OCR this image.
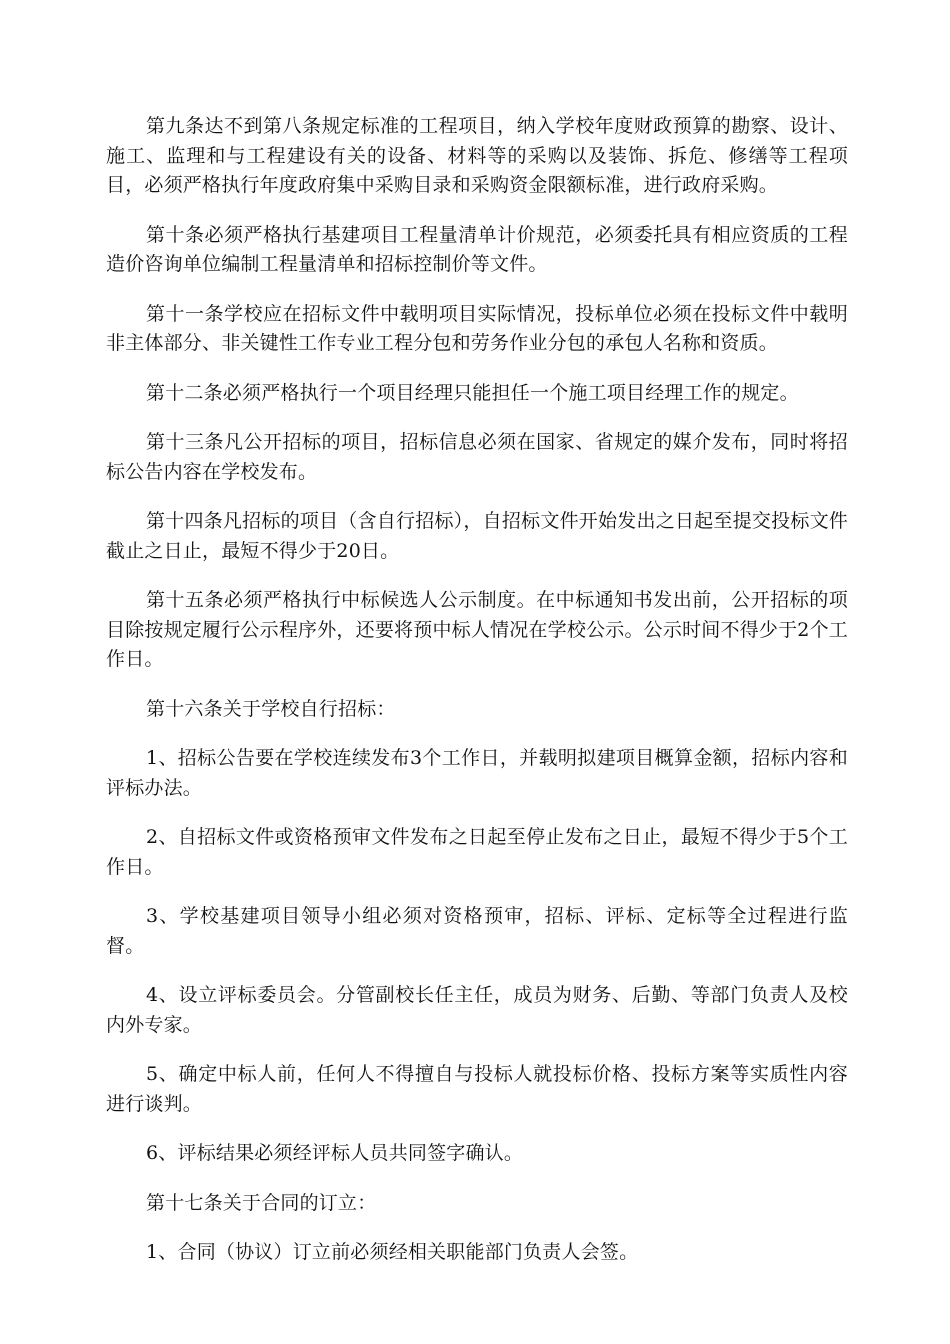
第九条达不到第八条规定标准的工程项目，纳入学校年度财政预算的勘察、设计、施工、监理和与工程建设有关的设备、材料等的采购以及装饰、拆危、修缮等工程项目，必须严格执行年度政府集中采购目录和采购资金限额标准，进行政府采购。

第十条必须严格执行基建项目工程量清单计价规范，必须委托具有相应资质的工程造价咨询单位编制工程量清单和招标控制价等文件。

第十一条学校应在招标文件中载明项目实际情况，投标单位必须在投标文件中载明非主体部分、非关键性工作专业工程分包和劳务作业分包的承包人名称和资质。

第十二条必须严格执行一个项目经理只能担任一个施工项目经理工作的规定。

第十三条凡公开招标的项目，招标信息必须在国家、省规定的媒介发布，同时将招标公告内容在学校发布。

第十四条凡招标的项目（含自行招标），自招标文件开始发出之日起至提交投标文件截止之日止，最短不得少于20日。

第十五条必须严格执行中标候选人公示制度。在中标通知书发出前，公开招标的项目除按规定履行公示程序外，还要将预中标人情况在学校公示。公示时间不得少于2个工作日。

第十六条关于学校自行招标：

1、招标公告要在学校连续发布3个工作日，并载明拟建项目概算金额，招标内容和评标办法。

2、自招标文件或资格预审文件发布之日起至停止发布之日止，最短不得少于5个工作日。

3、学校基建项目领导小组必须对资格预审，招标、评标、定标等全过程进行监督。

4、设立评标委员会。分管副校长任主任，成员为财务、后勤、等部门负责人及校内外专家。

5、确定中标人前，任何人不得擅自与投标人就投标价格、投标方案等实质性内容进行谈判。

6、评标结果必须经评标人员共同签字确认。

第十七条关于合同的订立：

1、合同（协议）订立前必须经相关职能部门负责人会签。
